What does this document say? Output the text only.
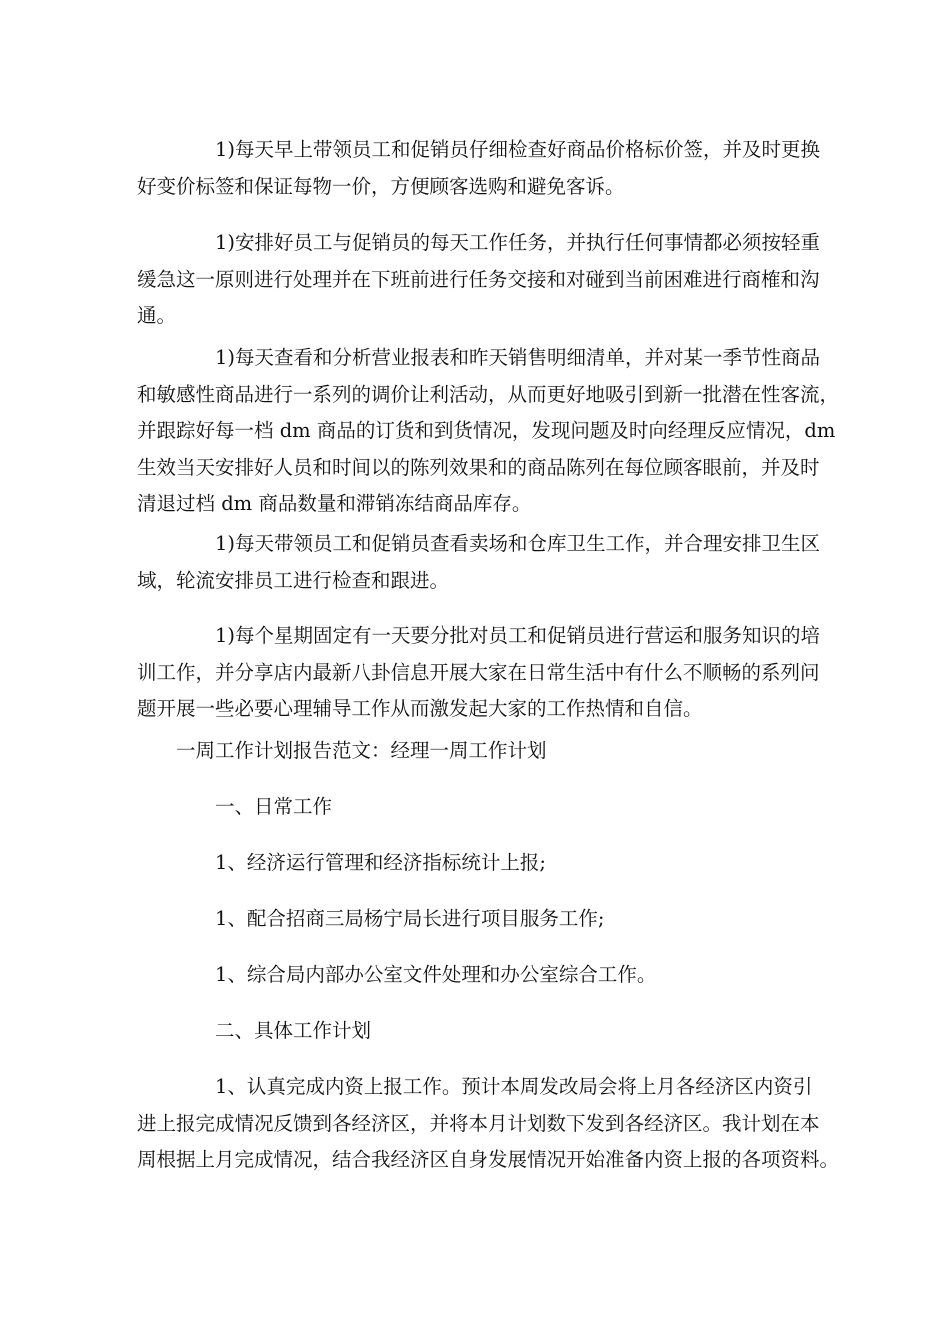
1)每天早上带领员工和促销员仔细检查好商品价格标价签，并及时更换
好变价标签和保证每物一价，方便顾客选购和避免客诉。

1)安排好员工与促销员的每天工作任务，并执行任何事情都必须按轻重
缓急这一原则进行处理并在下班前进行任务交接和对碰到当前困难进行商榷和沟
通。

1)每天查看和分析营业报表和昨天销售明细清单，并对某一季节性商品
和敏感性商品进行一系列的调价让利活动，从而更好地吸引到新一批潜在性客流，
并跟踪好每一档 dm 商品的订货和到货情况，发现问题及时向经理反应情况，dm
生效当天安排好人员和时间以的陈列效果和的商品陈列在每位顾客眼前，并及时
清退过档 dm 商品数量和滞销冻结商品库存。

1)每天带领员工和促销员查看卖场和仓库卫生工作，并合理安排卫生区
域，轮流安排员工进行检查和跟进。

1)每个星期固定有一天要分批对员工和促销员进行营运和服务知识的培
训工作，并分享店内最新八卦信息开展大家在日常生活中有什么不顺畅的系列问
题开展一些必要心理辅导工作从而激发起大家的工作热情和自信。

一周工作计划报告范文：经理一周工作计划

一、日常工作

1、经济运行管理和经济指标统计上报;

1、配合招商三局杨宁局长进行项目服务工作;

1、综合局内部办公室文件处理和办公室综合工作。

二、具体工作计划

1、认真完成内资上报工作。预计本周发改局会将上月各经济区内资引
进上报完成情况反馈到各经济区，并将本月计划数下发到各经济区。我计划在本
周根据上月完成情况，结合我经济区自身发展情况开始准备内资上报的各项资料。
